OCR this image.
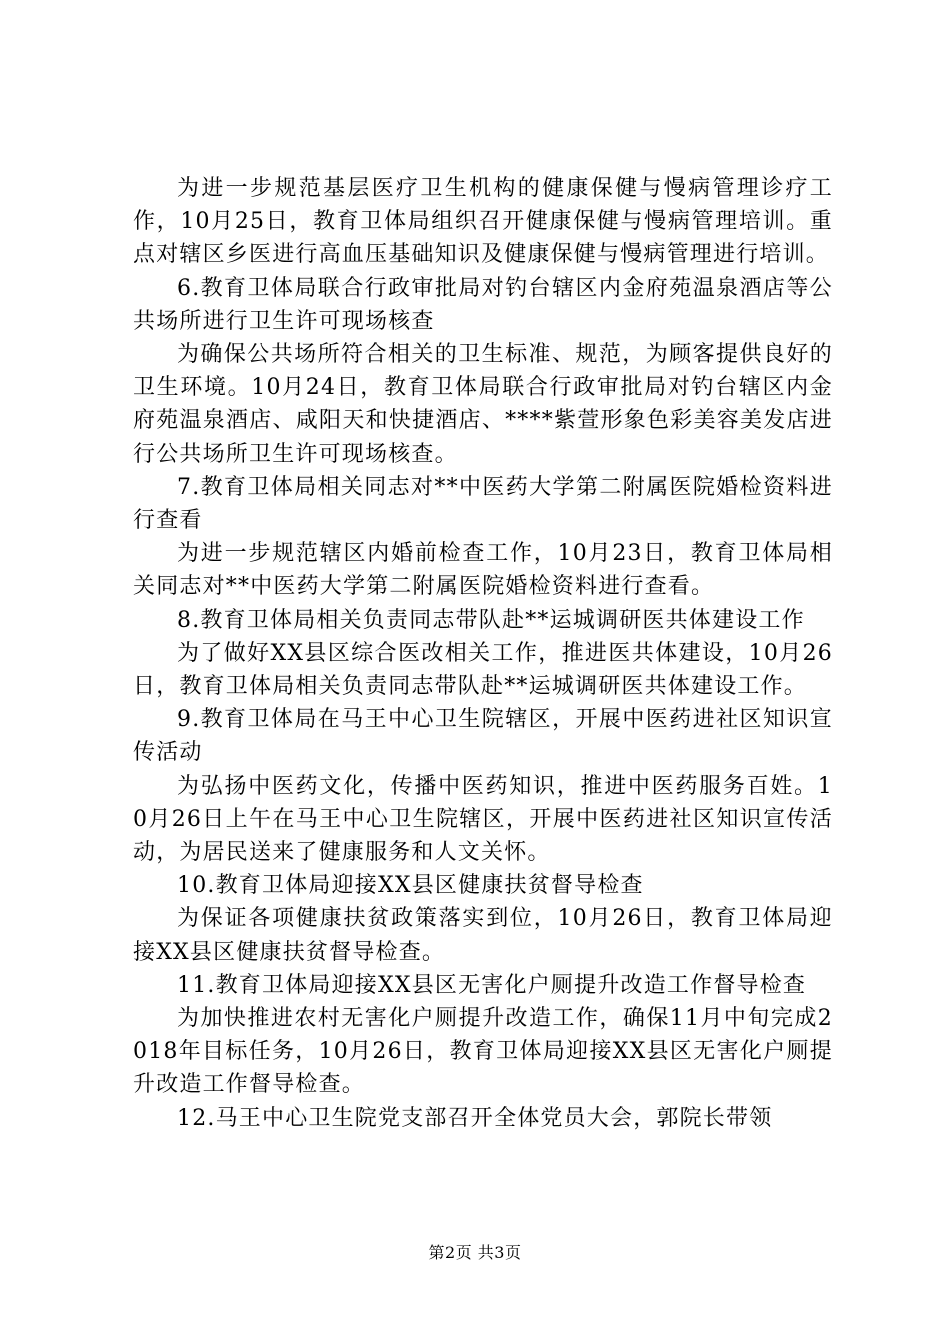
为进一步规范基层医疗卫生机构的健康保健与慢病管理诊疗工作，10月25日，教育卫体局组织召开健康保健与慢病管理培训。重点对辖区乡医进行高血压基础知识及健康保健与慢病管理进行培训。

6.教育卫体局联合行政审批局对钓台辖区内金府苑温泉酒店等公共场所进行卫生许可现场核查

为确保公共场所符合相关的卫生标准、规范，为顾客提供良好的卫生环境。10月24日，教育卫体局联合行政审批局对钓台辖区内金府苑温泉酒店、咸阳天和快捷酒店、****紫萱形象色彩美容美发店进行公共场所卫生许可现场核查。

7.教育卫体局相关同志对**中医药大学第二附属医院婚检资料进行查看

为进一步规范辖区内婚前检查工作，10月23日，教育卫体局相关同志对**中医药大学第二附属医院婚检资料进行查看。

8.教育卫体局相关负责同志带队赴**运城调研医共体建设工作

为了做好XX县区综合医改相关工作，推进医共体建设，10月26日，教育卫体局相关负责同志带队赴**运城调研医共体建设工作。

9.教育卫体局在马王中心卫生院辖区，开展中医药进社区知识宣传活动

为弘扬中医药文化，传播中医药知识，推进中医药服务百姓。10月26日上午在马王中心卫生院辖区，开展中医药进社区知识宣传活动，为居民送来了健康服务和人文关怀。

10.教育卫体局迎接XX县区健康扶贫督导检查

为保证各项健康扶贫政策落实到位，10月26日，教育卫体局迎接XX县区健康扶贫督导检查。

11.教育卫体局迎接XX县区无害化户厕提升改造工作督导检查

为加快推进农村无害化户厕提升改造工作，确保11月中旬完成2018年目标任务，10月26日，教育卫体局迎接XX县区无害化户厕提升改造工作督导检查。

12.马王中心卫生院党支部召开全体党员大会，郭院长带领

第2页 共3页
